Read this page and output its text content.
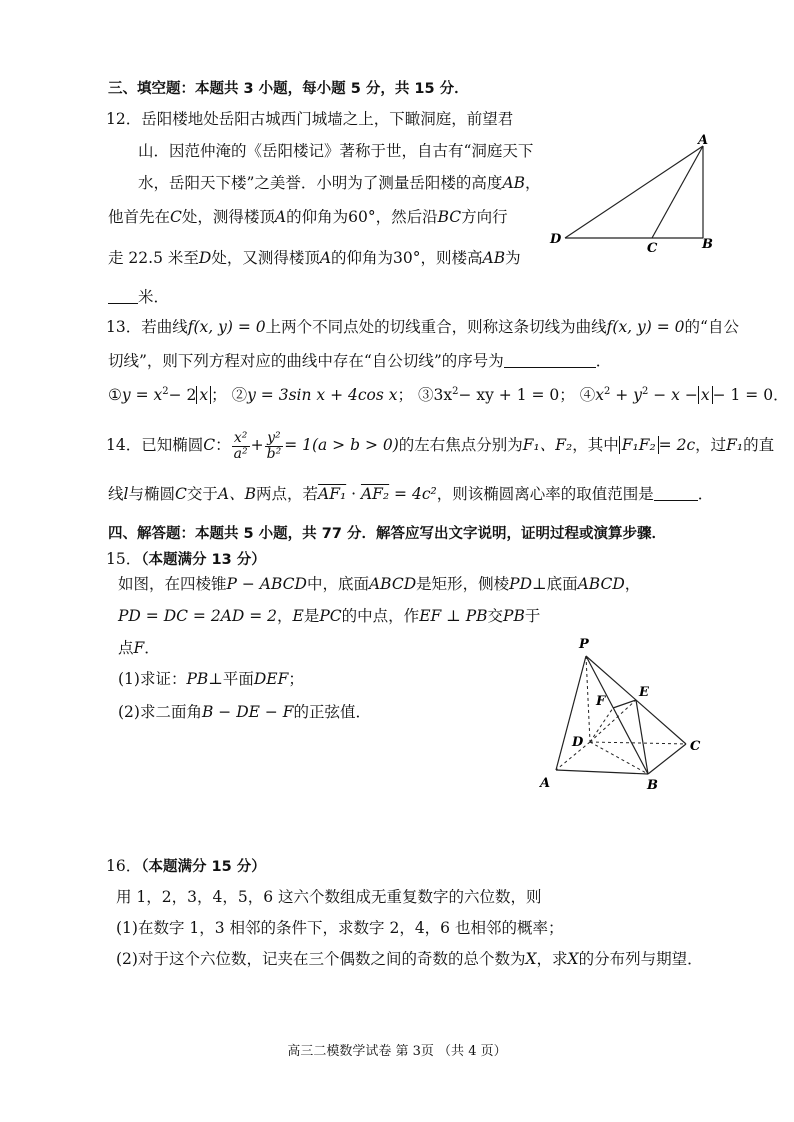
三、填空题：本题共 3 小题，每小题 5 分，共 15 分．
12．岳阳楼地处岳阳古城西门城墙之上，下瞰洞庭，前望君
山．因范仲淹的《岳阳楼记》著称于世，自古有“洞庭天下
水，岳阳天下楼”之美誉．小明为了测量岳阳楼的高度AB，
他首先在C处，测得楼顶A的仰角为60°，然后沿BC方向行
走 22.5 米至D处，又测得楼顶A的仰角为30°，则楼高AB为
米．
A
D
C	B
13．若曲线f(x, y) = 0上两个不同点处的切线重合，则称这条切线为曲线f(x, y) = 0的“自公
切线”，则下列方程对应的曲线中存在“自公切线”的序号为	．
①y = $x^2- 2$ x ； ②y = 3sin x + 4cos x； $③3x^2-$ xy + 1 = 0； $④x^2 + y^2 - x - x - 1 = 0$．
14．已知椭圆C： $\frac{\text{x²}}{\text{a²}} + \frac{\text{y²}}{\text{b²}} = 1(a > b > 0)$的左右焦点分别为F₁、F₂，其中 F₁F₂ = 2c，过F₁的直
线l与椭圆C交于A、B两点，若AF₁ · AF₂ = 4c²，则该椭圆离心率的取值范围是	．
四、解答题：本题共 5 小题，共 77 分．解答应写出文字说明，证明过程或演算步骤．
15．（本题满分 13 分）
如图，在四棱锥P − ABCD中，底面ABCD是矩形，侧棱PD⊥底面ABCD，
PD = DC = 2AD = 2，E是PC的中点，作EF ⊥ PB交PB于
点F．
(1)求证：PB⊥平面DEF；
(2)求二面角B − DE − F的正弦值．
P
E
F
D	C
A	B
16．（本题满分 15 分）
用 1，2，3，4，5，6 这六个数组成无重复数字的六位数，则
(1)在数字 1，3 相邻的条件下，求数字 2，4，6 也相邻的概率；
(2)对于这个六位数，记夹在三个偶数之间的奇数的总个数为X，求X的分布列与期望．
高三二模数学试卷 第 3页 （共 4 页）
